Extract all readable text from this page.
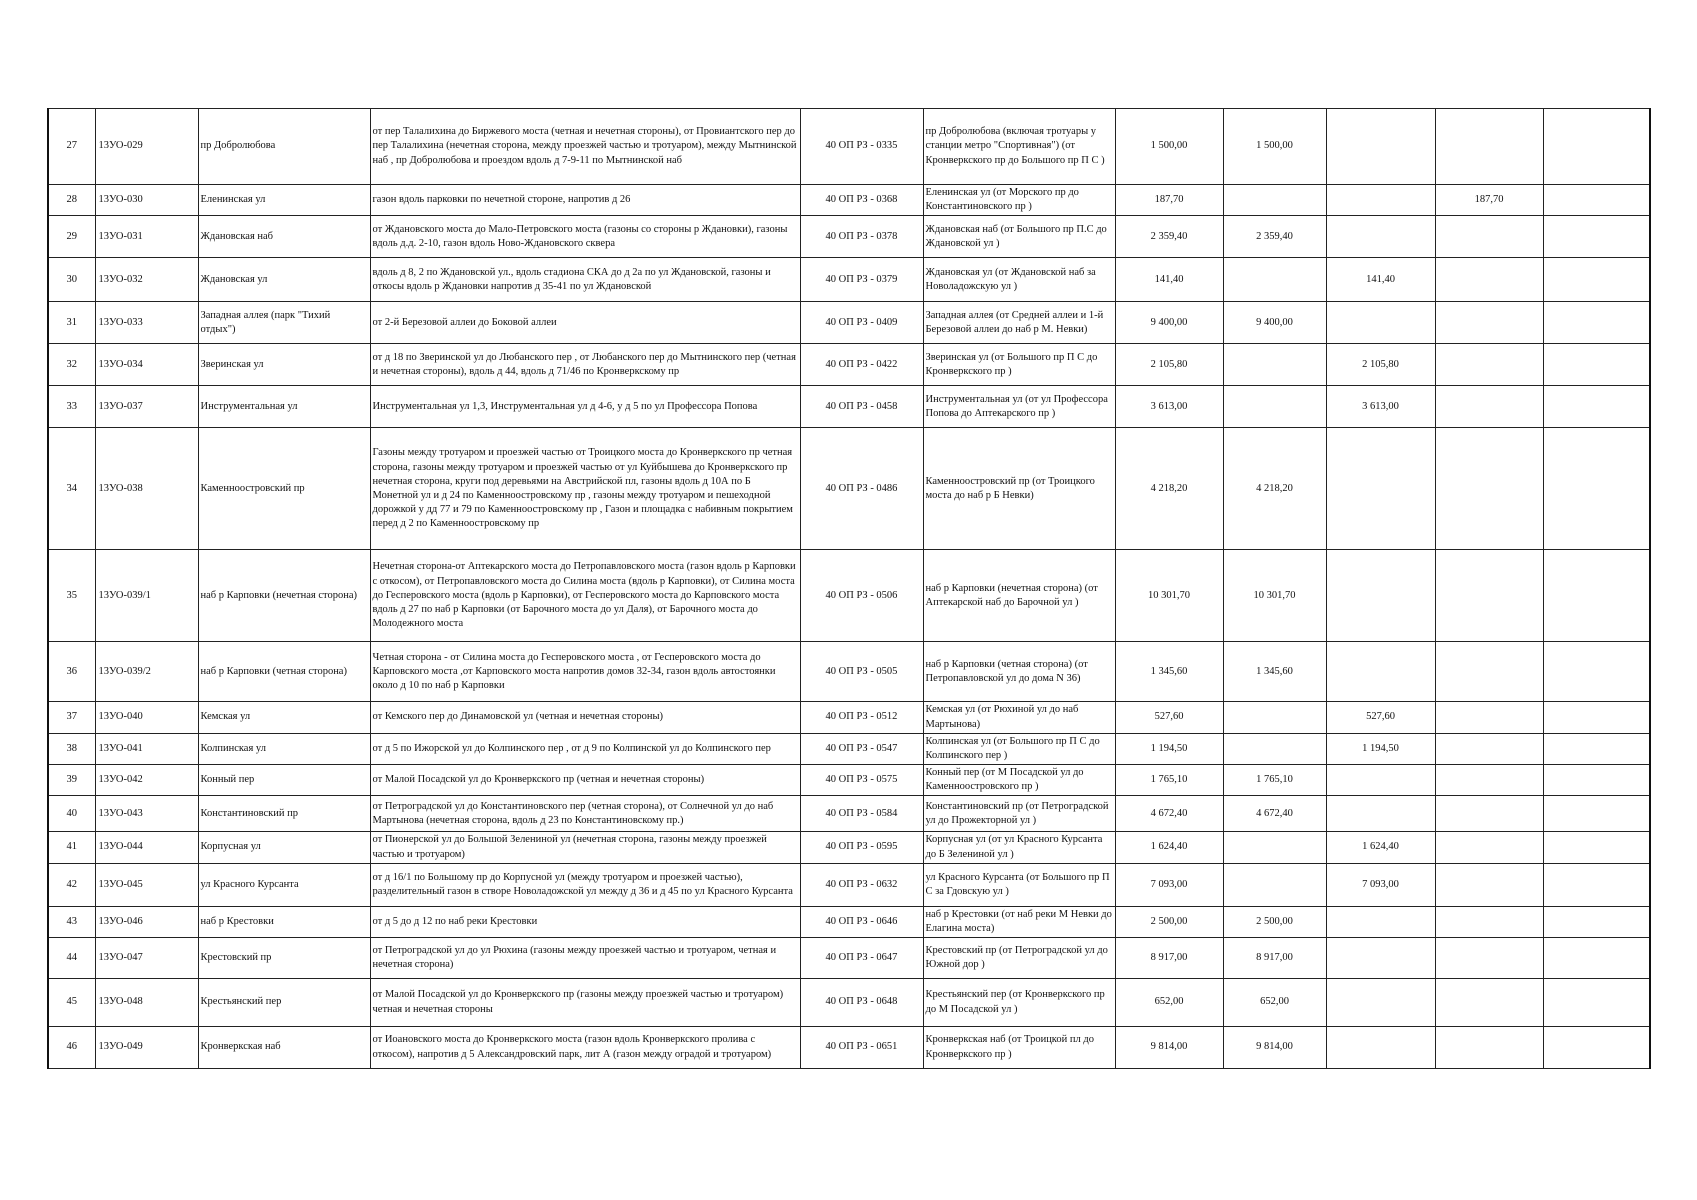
27	13УО-029	пр Добролюбова	от пер Талалихина до Биржевого моста (четная и нечетная стороны), от Провиантского пер до пер Талалихина (нечетная сторона, между проезжей частью и тротуаром), между Мытнинской наб , пр Добролюбова и проездом вдоль д 7-9-11 по Мытнинской наб	40 ОП РЗ - 0335	пр Добролюбова (включая тротуары у станции метро "Спортивная") (от Кронверкского пр до Большого пр П С )	1 500,00	1 500,00			
28	13УО-030	Еленинская ул	газон вдоль парковки по нечетной стороне, напротив д 26	40 ОП РЗ - 0368	Еленинская ул (от Морского пр до Константиновского пр )	187,70			187,70	
29	13УО-031	Ждановская наб	от Ждановского моста до Мало-Петровского моста (газоны со стороны р Ждановки), газоны вдоль д.д. 2-10, газон вдоль Ново-Ждановского сквера	40 ОП РЗ - 0378	Ждановская наб (от Большого пр П.С до Ждановской ул )	2 359,40	2 359,40			
30	13УО-032	Ждановская ул	вдоль д 8, 2 по Ждановской ул., вдоль стадиона СКА до д 2а по ул Ждановской, газоны и откосы вдоль р Ждановки напротив д 35-41 по ул Ждановской	40 ОП РЗ - 0379	Ждановская ул (от Ждановской наб за Новоладожскую ул )	141,40		141,40		
31	13УО-033	Западная аллея (парк "Тихий отдых")	от 2-й Березовой аллеи до Боковой аллеи	40 ОП РЗ - 0409	Западная аллея (от Средней аллеи и 1-й Березовой аллеи до наб р М. Невки)	9 400,00	9 400,00			
32	13УО-034	Зверинская ул	от д 18 по Зверинской ул до Любанского пер , от Любанского пер до Мытнинского пер (четная и нечетная стороны), вдоль д 44, вдоль д 71/46 по Кронверкскому пр	40 ОП РЗ - 0422	Зверинская ул (от Большого пр П С до Кронверкского пр )	2 105,80		2 105,80		
33	13УО-037	Инструментальная ул	Инструментальная ул 1,3, Инструментальная ул д 4-6, у д 5 по ул Профессора Попова	40 ОП РЗ - 0458	Инструментальная ул (от ул Профессора Попова до Аптекарского пр )	3 613,00		3 613,00		
34	13УО-038	Каменноостровский пр	Газоны между тротуаром и проезжей частью от Троицкого моста до Кронверкского пр четная сторона, газоны между тротуаром и проезжей частью от ул Куйбышева до Кронверкского пр нечетная сторона, круги под деревьями на Австрийской пл, газоны вдоль д 10А по Б Монетной ул и д 24 по Каменноостровскому пр , газоны между тротуаром и пешеходной дорожкой у дд 77 и 79 по Каменноостровскому пр , Газон и площадка с набивным покрытием перед д 2 по Каменноостровскому пр	40 ОП РЗ - 0486	Каменноостровский пр (от Троицкого моста до наб р Б Невки)	4 218,20	4 218,20			
35	13УО-039/1	наб р Карповки (нечетная сторона)	Нечетная сторона-от Аптекарского моста до Петропавловского моста (газон вдоль р Карповки с откосом), от Петропавловского моста до Силина моста (вдоль р Карповки), от Силина моста до Гесперовского моста (вдоль р Карповки), от Гесперовского моста до Карповского моста вдоль д 27 по наб р Карповки (от Барочного моста до ул Даля), от Барочного моста до Молодежного моста	40 ОП РЗ - 0506	наб р Карповки (нечетная сторона) (от Аптекарской наб до Барочной ул )	10 301,70	10 301,70			
36	13УО-039/2	наб р Карповки (четная сторона)	Четная сторона - от Силина моста до Гесперовского моста , от Гесперовского моста до Карповского моста ,от Карповского моста напротив домов 32-34, газон вдоль автостоянки около д 10 по наб р Карповки	40 ОП РЗ - 0505	наб р Карповки (четная сторона) (от Петропавловской ул до дома N 36)	1 345,60	1 345,60			
37	13УО-040	Кемская ул	от Кемского пер до Динамовской ул (четная и нечетная стороны)	40 ОП РЗ - 0512	Кемская ул (от Рюхиной ул до наб Мартынова)	527,60		527,60		
38	13УО-041	Колпинская ул	от д 5 по Ижорской ул до Колпинского пер , от д 9 по Колпинской ул до Колпинского пер	40 ОП РЗ - 0547	Колпинская ул (от Большого пр П С до Колпинского пер )	1 194,50		1 194,50		
39	13УО-042	Конный пер	от Малой Посадской ул до Кронверкского пр (четная и нечетная стороны)	40 ОП РЗ - 0575	Конный пер (от М Посадской ул до Каменноостровского пр )	1 765,10	1 765,10			
40	13УО-043	Константиновский пр	от Петроградской ул до Константиновского пер (четная сторона), от Солнечной ул до наб Мартынова (нечетная сторона, вдоль д 23 по Константиновскому пр.)	40 ОП РЗ - 0584	Константиновский пр (от Петроградской ул до Прожекторной ул )	4 672,40	4 672,40			
41	13УО-044	Корпусная ул	от Пионерской ул до Большой Зелениной ул (нечетная сторона, газоны между проезжей частью и тротуаром)	40 ОП РЗ - 0595	Корпусная ул (от ул Красного Курсанта до Б Зелениной ул )	1 624,40		1 624,40		
42	13УО-045	ул Красного Курсанта	от д 16/1 по Большому пр до Корпусной ул (между тротуаром и проезжей частью), разделительный газон в створе Новоладожской ул между д 36 и д 45 по ул Красного Курсанта	40 ОП РЗ - 0632	ул Красного Курсанта (от Большого пр П С за Гдовскую ул )	7 093,00		7 093,00		
43	13УО-046	наб р Крестовки	от д 5 до д 12 по наб реки Крестовки	40 ОП РЗ - 0646	наб р Крестовки (от наб реки М Невки до Елагина моста)	2 500,00	2 500,00			
44	13УО-047	Крестовский пр	от Петроградской ул до ул Рюхина (газоны между проезжей частью и тротуаром, четная и нечетная сторона)	40 ОП РЗ - 0647	Крестовский пр (от Петроградской ул до Южной дор )	8 917,00	8 917,00			
45	13УО-048	Крестьянский пер	от Малой Посадской ул до Кронверкского пр (газоны между проезжей частью и тротуаром) четная и нечетная стороны	40 ОП РЗ - 0648	Крестьянский пер (от Кронверкского пр до М Посадской ул )	652,00	652,00			
46	13УО-049	Кронверкская наб	от Иоановского моста до Кронверкского моста (газон вдоль Кронверкского пролива с откосом), напротив д 5 Александровский парк, лит А (газон между оградой и тротуаром)	40 ОП РЗ - 0651	Кронверкская наб (от Троицкой пл до Кронверкского пр )	9 814,00	9 814,00			
